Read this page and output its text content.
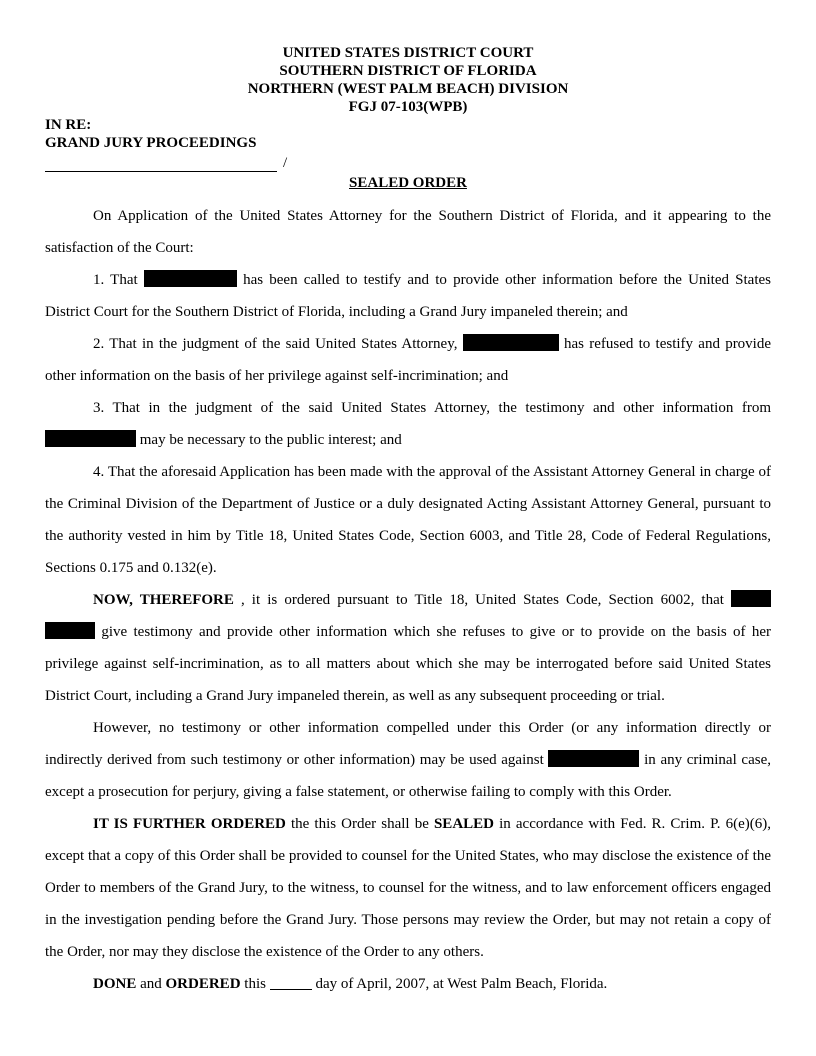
UNITED STATES DISTRICT COURT
SOUTHERN DISTRICT OF FLORIDA
NORTHERN (WEST PALM BEACH) DIVISION
FGJ 07-103(WPB)
IN RE:
GRAND JURY PROCEEDINGS
/
SEALED ORDER

On Application of the United States Attorney for the Southern District of Florida, and it appearing to the satisfaction of the Court:

1. That	has been called to testify and to provide other information before the United States District Court for the Southern District of Florida, including a Grand Jury impaneled therein; and

2. That in the judgment of the said United States Attorney,	has refused to testify and provide other information on the basis of her privilege against self-incrimination; and

3. That in the judgment of the said United States Attorney, the testimony and other information from  may be necessary to the public interest; and

4. That the aforesaid Application has been made with the approval of the Assistant Attorney General in charge of the Criminal Division of the Department of Justice or a duly designated Acting Assistant Attorney General, pursuant to the authority vested in him by Title 18, United States Code, Section 6003, and Title 28, Code of Federal Regulations, Sections 0.175 and 0.132(e).

NOW, THEREFORE , it is ordered pursuant to Title 18, United States Code, Section 6002, that   give testimony and provide other information which she refuses to give or to provide on the basis of her privilege against self-incrimination, as to all matters about which she may be interrogated before said United States District Court, including a Grand Jury impaneled therein, as well as any subsequent proceeding or trial.

However, no testimony or other information compelled under this Order (or any information directly or indirectly derived from such testimony or other information) may be used against	in any criminal case, except a prosecution for perjury, giving a false statement, or otherwise failing to comply with this Order.

IT IS FURTHER ORDERED the this Order shall be SEALED in accordance with Fed. R. Crim. P. 6(e)(6), except that a copy of this Order shall be provided to counsel for the United States, who may disclose the existence of the Order to members of the Grand Jury, to the witness, to counsel for the witness, and to law enforcement officers engaged in the investigation pending before the Grand Jury. Those persons may review the Order, but may not retain a copy of the Order, nor may they disclose the existence of the Order to any others.

DONE and ORDERED this	day of April, 2007, at West Palm Beach, Florida.
